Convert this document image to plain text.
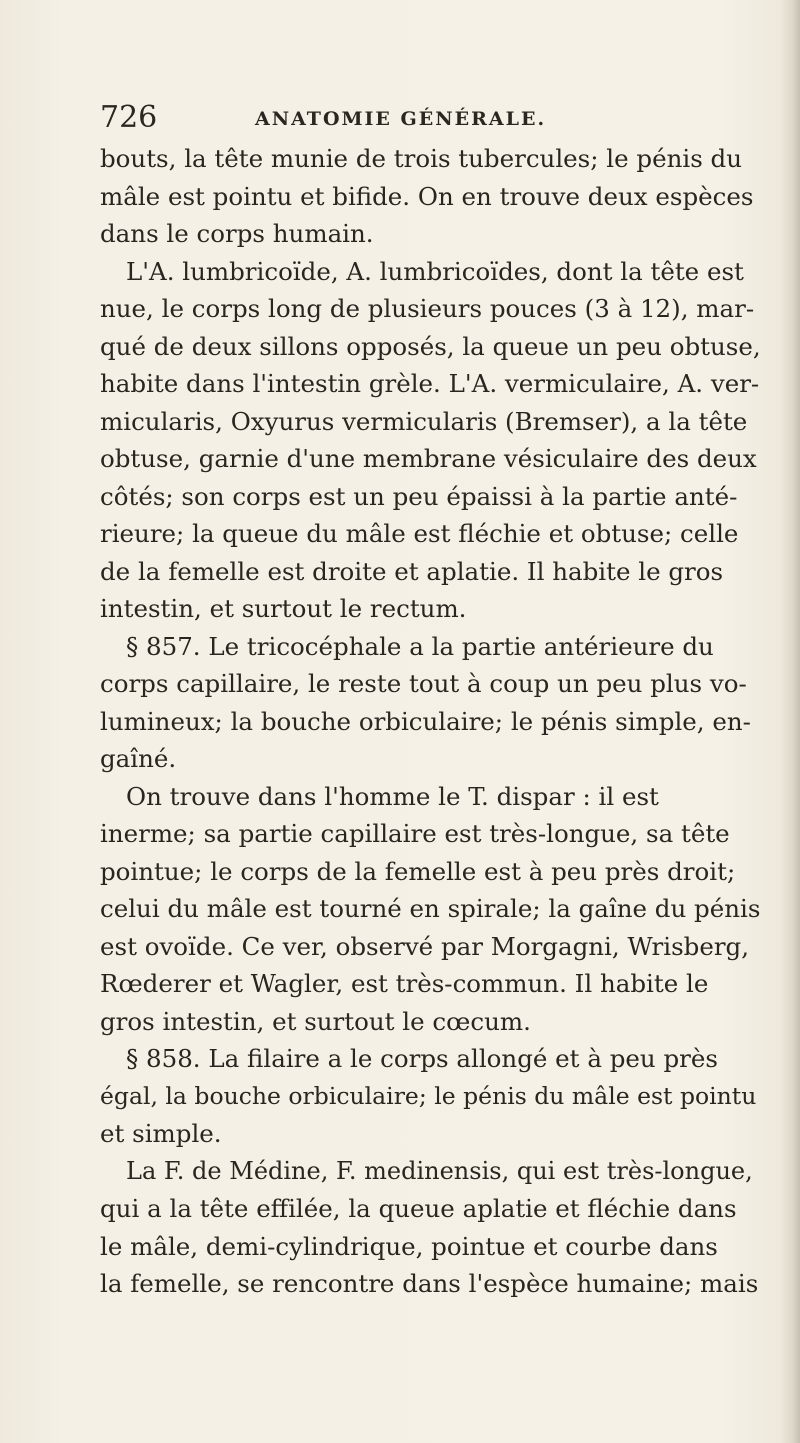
726	ANATOMIE GÉNÉRALE.
bouts, la tête munie de trois tubercules; le pénis du
mâle est pointu et bifide. On en trouve deux espèces
dans le corps humain.
L'A. lumbricoïde, A. lumbricoïdes, dont la tête est
nue, le corps long de plusieurs pouces (3 à 12), mar-
qué de deux sillons opposés, la queue un peu obtuse,
habite dans l'intestin grèle. L'A. vermiculaire, A. ver-
micularis, Oxyurus vermicularis (Bremser), a la tête
obtuse, garnie d'une membrane vésiculaire des deux
côtés; son corps est un peu épaissi à la partie anté-
rieure; la queue du mâle est fléchie et obtuse; celle
de la femelle est droite et aplatie. Il habite le gros
intestin, et surtout le rectum.
§ 857. Le tricocéphale a la partie antérieure du
corps capillaire, le reste tout à coup un peu plus vo-
lumineux; la bouche orbiculaire; le pénis simple, en-
gaîné.
On trouve dans l'homme le T. dispar : il est
inerme; sa partie capillaire est très-longue, sa tête
pointue; le corps de la femelle est à peu près droit;
celui du mâle est tourné en spirale; la gaîne du pénis
est ovoïde. Ce ver, observé par Morgagni, Wrisberg,
Rœderer et Wagler, est très-commun. Il habite le
gros intestin, et surtout le cœcum.
§ 858. La filaire a le corps allongé et à peu près
égal, la bouche orbiculaire; le pénis du mâle est pointu
et simple.
La F. de Médine, F. medinensis, qui est très-longue,
qui a la tête effilée, la queue aplatie et fléchie dans
le mâle, demi-cylindrique, pointue et courbe dans
la femelle, se rencontre dans l'espèce humaine; mais
